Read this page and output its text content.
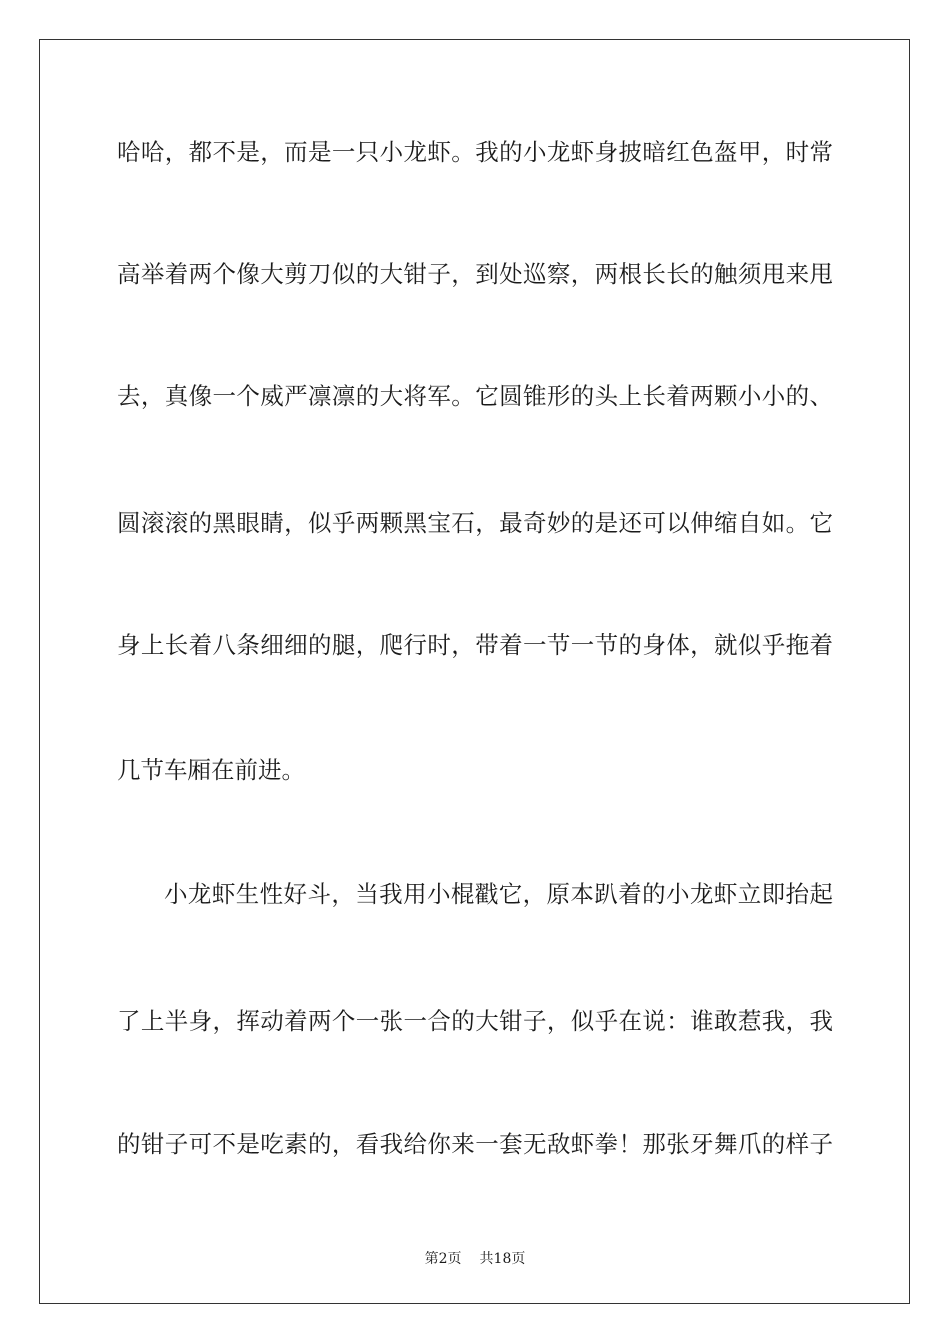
哈哈，都不是，而是一只小龙虾。我的小龙虾身披暗红色盔甲，时常
高举着两个像大剪刀似的大钳子，到处巡察，两根长长的触须甩来甩
去，真像一个威严凛凛的大将军。它圆锥形的头上长着两颗小小的、
圆滚滚的黑眼睛，似乎两颗黑宝石，最奇妙的是还可以伸缩自如。它
身上长着八条细细的腿，爬行时，带着一节一节的身体，就似乎拖着
几节车厢在前进。
小龙虾生性好斗，当我用小棍戳它，原本趴着的小龙虾立即抬起
了上半身，挥动着两个一张一合的大钳子，似乎在说：谁敢惹我，我
的钳子可不是吃素的，看我给你来一套无敌虾拳！那张牙舞爪的样子
第2页 共18页
